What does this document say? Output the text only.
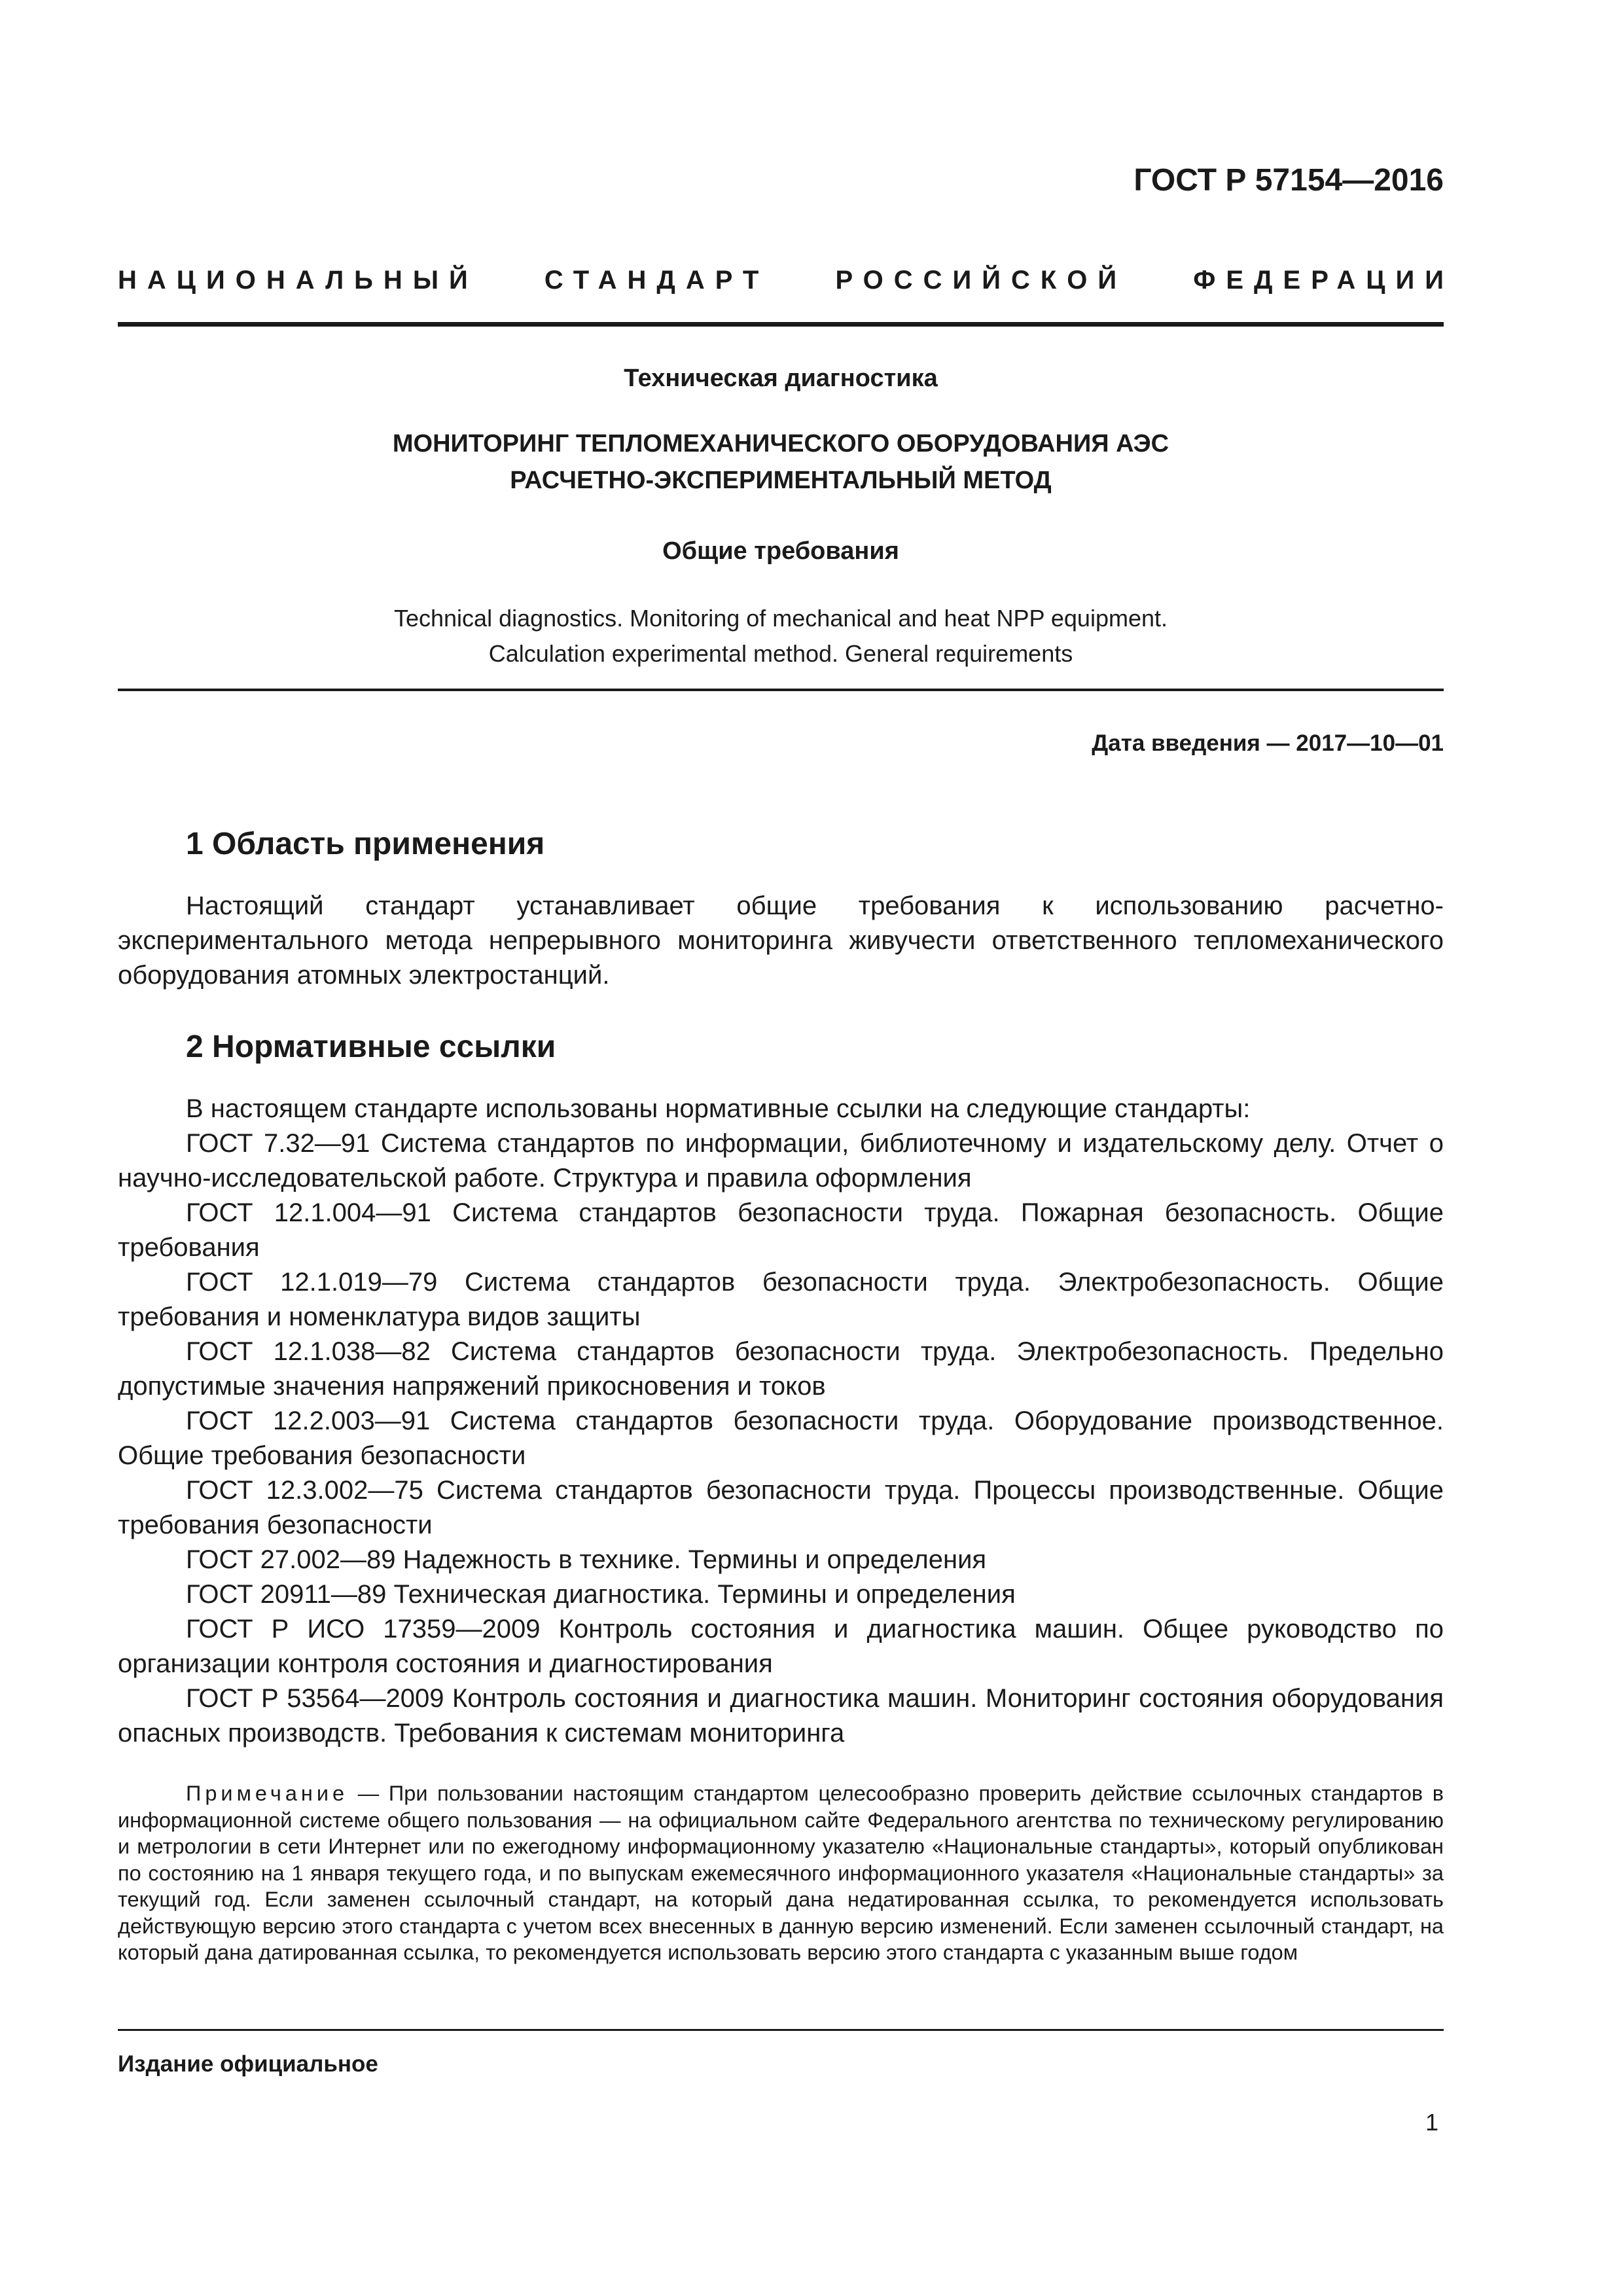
ГОСТ Р 57154—2016
НАЦИОНАЛЬНЫЙ	СТАНДАРТ	РОССИЙСКОЙ	ФЕДЕРАЦИИ
Техническая диагностика
МОНИТОРИНГ ТЕПЛОМЕХАНИЧЕСКОГО ОБОРУДОВАНИЯ АЭС
РАСЧЕТНО-ЭКСПЕРИМЕНТАЛЬНЫЙ МЕТОД
Общие требования
Technical diagnostics. Monitoring of mechanical and heat NPP equipment.
Calculation experimental method. General requirements
Дата введения — 2017—10—01
1 Область применения

Настоящий стандарт устанавливает общие требования к использованию расчетно-экспериментального метода непрерывного мониторинга живучести ответственного тепломеханического оборудования атомных электростанций.

2 Нормативные ссылки

В настоящем стандарте использованы нормативные ссылки на следующие стандарты:

ГОСТ 7.32—91 Система стандартов по информации, библиотечному и издательскому делу. Отчет о научно-исследовательской работе. Структура и правила оформления

ГОСТ 12.1.004—91 Система стандартов безопасности труда. Пожарная безопасность. Общие требования

ГОСТ 12.1.019—79 Система стандартов безопасности труда. Электробезопасность. Общие требования и номенклатура видов защиты

ГОСТ 12.1.038—82 Система стандартов безопасности труда. Электробезопасность. Предельно допустимые значения напряжений прикосновения и токов

ГОСТ 12.2.003—91 Система стандартов безопасности труда. Оборудование производственное. Общие требования безопасности

ГОСТ 12.3.002—75 Система стандартов безопасности труда. Процессы производственные. Общие требования безопасности

ГОСТ 27.002—89 Надежность в технике. Термины и определения

ГОСТ 20911—89 Техническая диагностика. Термины и определения

ГОСТ Р ИСО 17359—2009 Контроль состояния и диагностика машин. Общее руководство по организации контроля состояния и диагностирования

ГОСТ Р 53564—2009 Контроль состояния и диагностика машин. Мониторинг состояния оборудования опасных производств. Требования к системам мониторинга

Примечание — При пользовании настоящим стандартом целесообразно проверить действие ссылочных стандартов в информационной системе общего пользования — на официальном сайте Федерального агентства по техническому регулированию и метрологии в сети Интернет или по ежегодному информационному указателю «Национальные стандарты», который опубликован по состоянию на 1 января текущего года, и по выпускам ежемесячного информационного указателя «Национальные стандарты» за текущий год. Если заменен ссылочный стандарт, на который дана недатированная ссылка, то рекомендуется использовать действующую версию этого стандарта с учетом всех внесенных в данную версию изменений. Если заменен ссылочный стандарт, на который дана датированная ссылка, то рекомендуется использовать версию этого стандарта с указанным выше годом

Издание официальное
1
